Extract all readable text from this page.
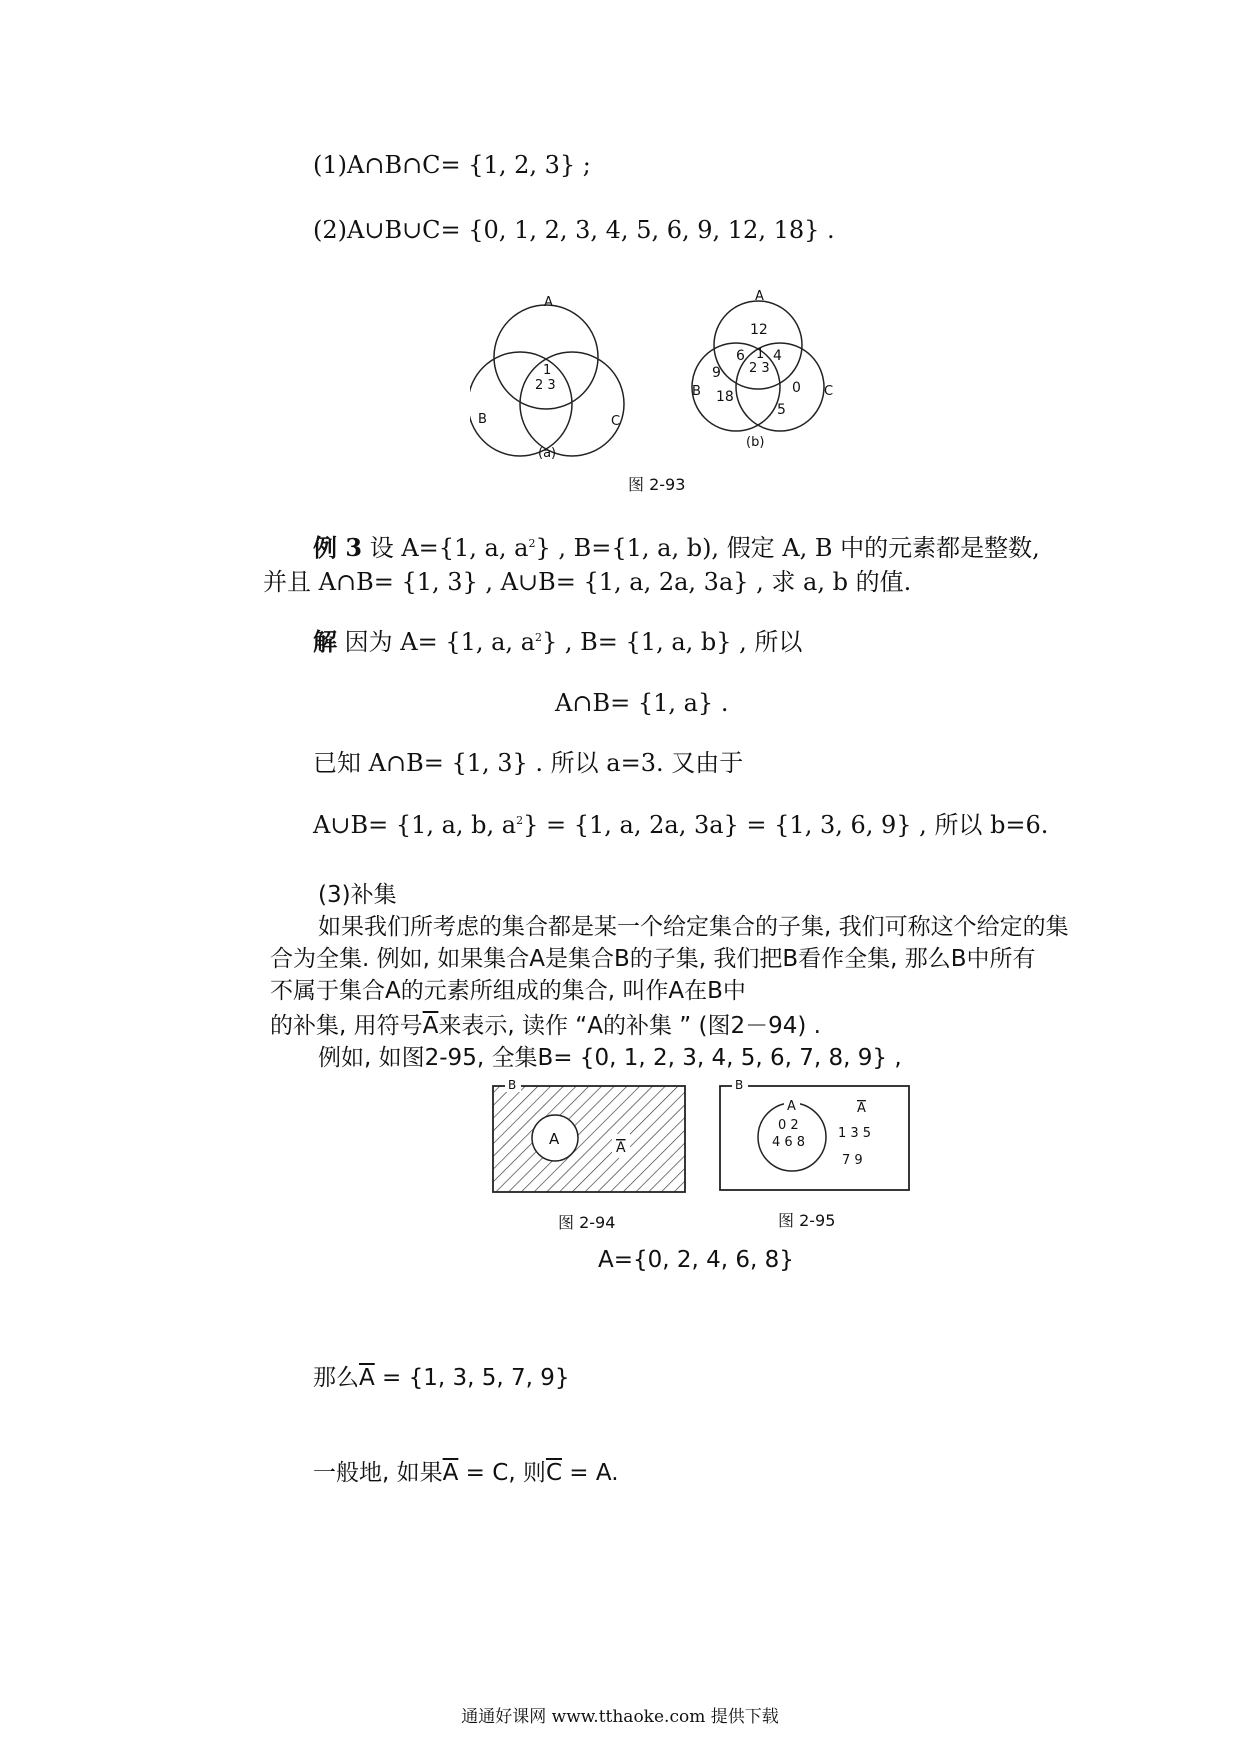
(1)A∩B∩C= {1, 2, 3} ;
(2)A∪B∪C= {0, 1, 2, 3, 4, 5, 6, 9, 12, 18} .
A
B	C
1
2 3
(a)
A
B	C
12
6 4
1
2 3
9
18
0
5
(b)
图 2-93
例 3 设 A={1, a, $a^2$} , B={1, a, b), 假定 A, B 中的元素都是整数,
并且 A∩B= {1, 3} , A∪B= {1, a, 2a, 3a} , 求 a, b 的值.
解 因为 A= {1, a, $a^2$} , B= {1, a, b} , 所以
A∩B= {1, a} .
已知 A∩B= {1, 3} . 所以 a=3. 又由于
A∪B= {1, a, b, $a^2\} = \{1$, a, 2a, 3a} = {1, 3, 6, 9} , 所以 b=6.
(3)补集
如果我们所考虑的集合都是某一个给定集合的子集, 我们可称这个给定的集
合为全集. 例如, 如果集合A是集合B的子集, 我们把B看作全集, 那么B中所有
不属于集合A的元素所组成的集合, 叫作A在B中
的补集, 用符号$\overline{A}$来表示, 读作 “A的补集 ” (图2－94) .
例如, 如图2-95, 全集B= {0, 1, 2, 3, 4, 5, 6, 7, 8, 9} ,
B
A	A
图 2-94
B
A
0 2
4 6 8
A
1 3 5
7 9
图 2-95
A={0, 2, 4, 6, 8}
那么$\overline{A} = \{1$, 3, 5, 7, 9}
一般地, 如果$\overline{A} = C$, 则$\overline{C} = A$.
通通好课网 www.tthaoke.com 提供下载
